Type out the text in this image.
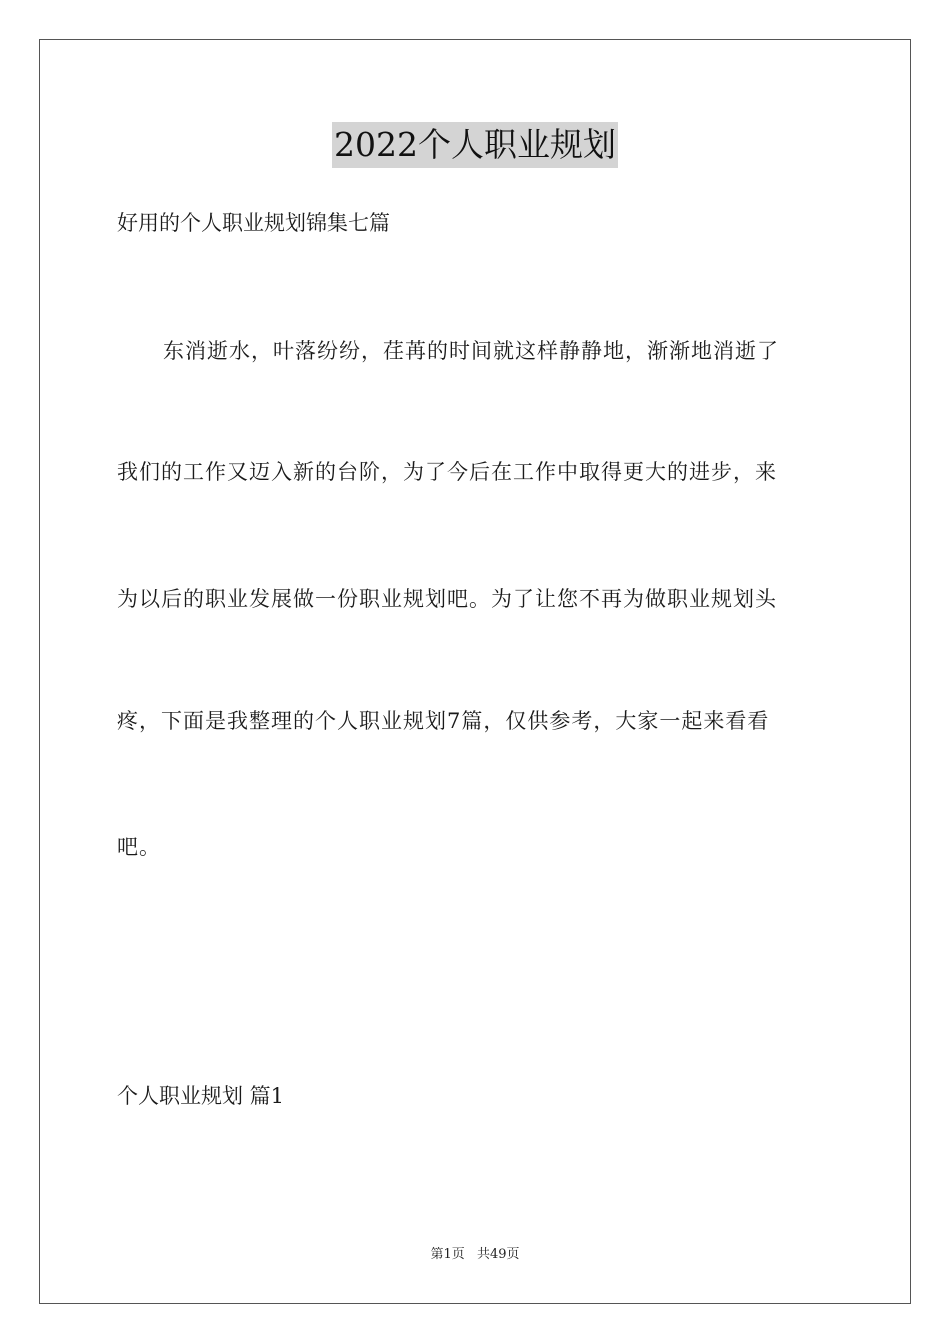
2022个人职业规划
好用的个人职业规划锦集七篇
东消逝水，叶落纷纷，荏苒的时间就这样静静地，渐渐地消逝了
我们的工作又迈入新的台阶，为了今后在工作中取得更大的进步，来
为以后的职业发展做一份职业规划吧。为了让您不再为做职业规划头
疼，下面是我整理的个人职业规划7篇，仅供参考，大家一起来看看
吧。
个人职业规划 篇1
第1页 共49页
